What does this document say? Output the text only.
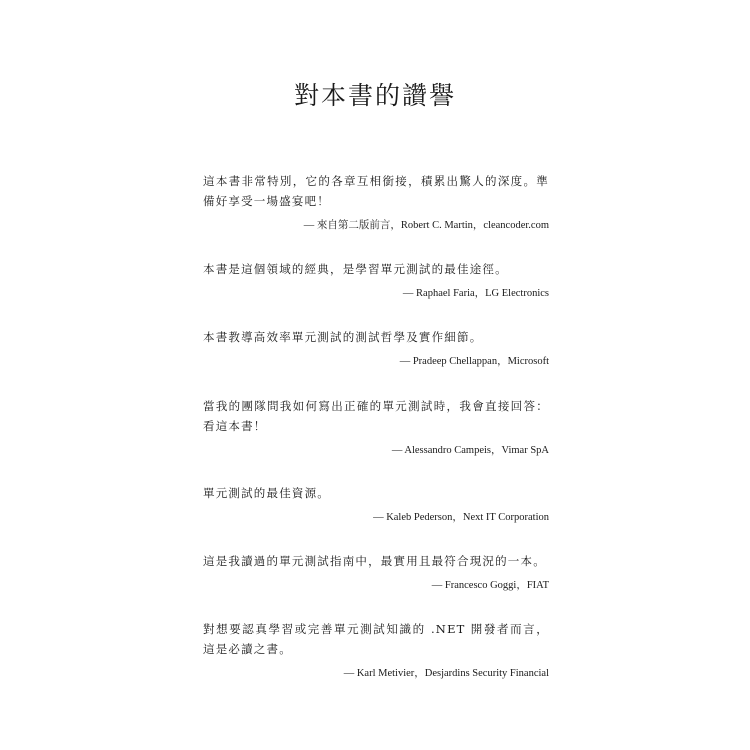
對本書的讚譽

這本書非常特別，它的各章互相銜接，積累出驚人的深度。準備好享受一場盛宴吧！

— 來自第二版前言，Robert C. Martin，cleancoder.com

本書是這個領域的經典，是學習單元測試的最佳途徑。

— Raphael Faria，LG Electronics

本書教導高效率單元測試的測試哲學及實作細節。

— Pradeep Chellappan，Microsoft

當我的團隊問我如何寫出正確的單元測試時，我會直接回答：看這本書！

— Alessandro Campeis，Vimar SpA

單元測試的最佳資源。

— Kaleb Pederson，Next IT Corporation

這是我讀過的單元測試指南中，最實用且最符合現況的一本。

— Francesco Goggi，FIAT

對想要認真學習或完善單元測試知識的 .NET 開發者而言，這是必讀之書。

— Karl Metivier，Desjardins Security Financial
